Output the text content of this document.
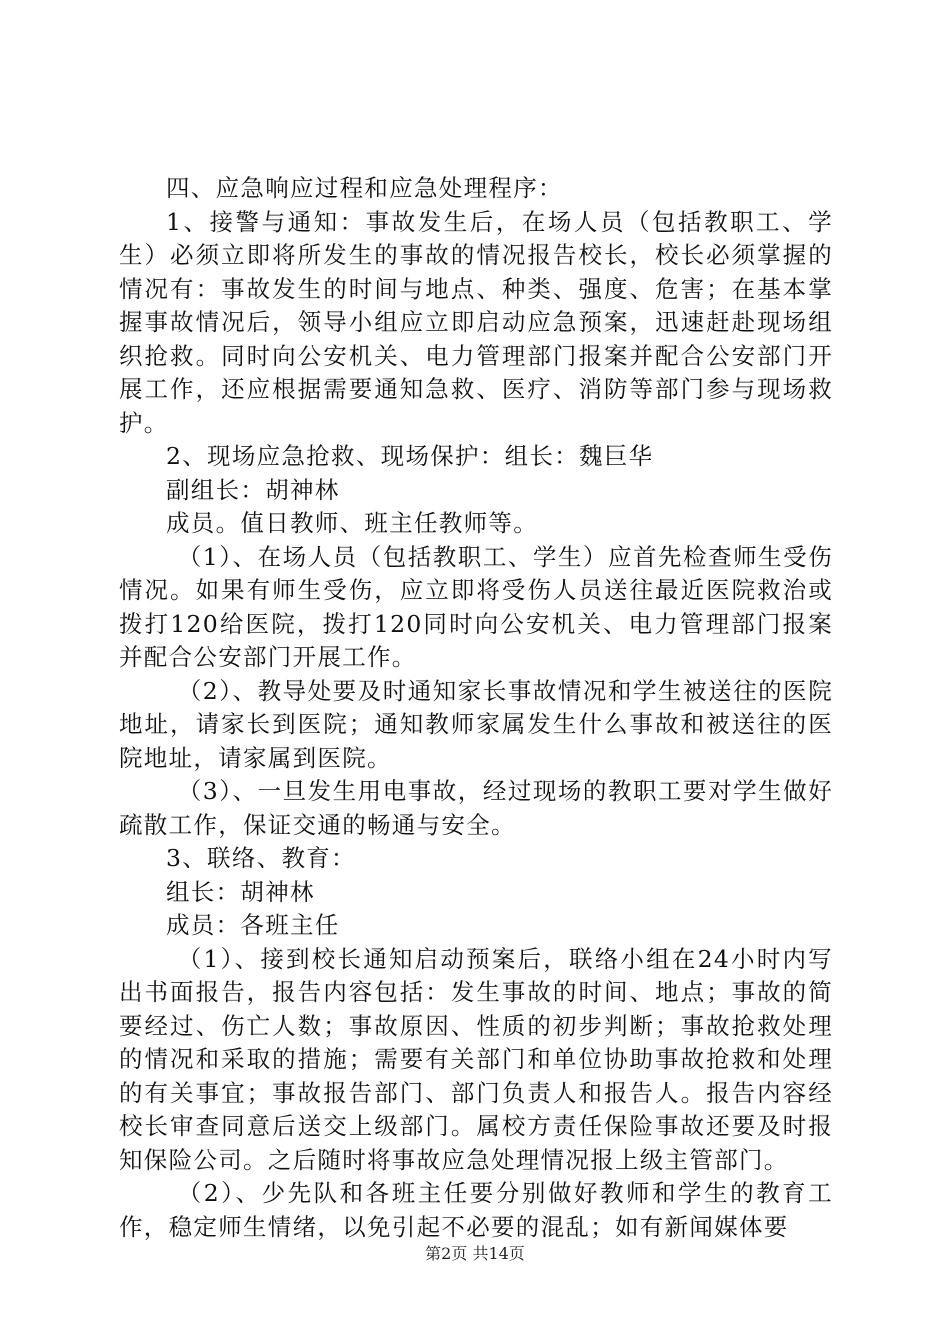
四、应急响应过程和应急处理程序：

1、接警与通知：事故发生后，在场人员（包括教职工、学生）必须立即将所发生的事故的情况报告校长，校长必须掌握的情况有：事故发生的时间与地点、种类、强度、危害；在基本掌握事故情况后，领导小组应立即启动应急预案，迅速赶赴现场组织抢救。同时向公安机关、电力管理部门报案并配合公安部门开展工作，还应根据需要通知急救、医疗、消防等部门参与现场救护。

2、现场应急抢救、现场保护：组长：魏巨华

副组长：胡神林

成员。值日教师、班主任教师等。

（1）、在场人员（包括教职工、学生）应首先检查师生受伤情况。如果有师生受伤，应立即将受伤人员送往最近医院救治或拨打120给医院，拨打120同时向公安机关、电力管理部门报案并配合公安部门开展工作。

（2）、教导处要及时通知家长事故情况和学生被送往的医院地址，请家长到医院；通知教师家属发生什么事故和被送往的医院地址，请家属到医院。

（3）、一旦发生用电事故，经过现场的教职工要对学生做好疏散工作，保证交通的畅通与安全。

3、联络、教育：

组长：胡神林

成员：各班主任

（1）、接到校长通知启动预案后，联络小组在24小时内写出书面报告，报告内容包括：发生事故的时间、地点；事故的简要经过、伤亡人数；事故原因、性质的初步判断；事故抢救处理的情况和采取的措施；需要有关部门和单位协助事故抢救和处理的有关事宜；事故报告部门、部门负责人和报告人。报告内容经校长审查同意后送交上级部门。属校方责任保险事故还要及时报知保险公司。之后随时将事故应急处理情况报上级主管部门。

（2）、少先队和各班主任要分别做好教师和学生的教育工作，稳定师生情绪，以免引起不必要的混乱；如有新闻媒体要

第2页 共14页
